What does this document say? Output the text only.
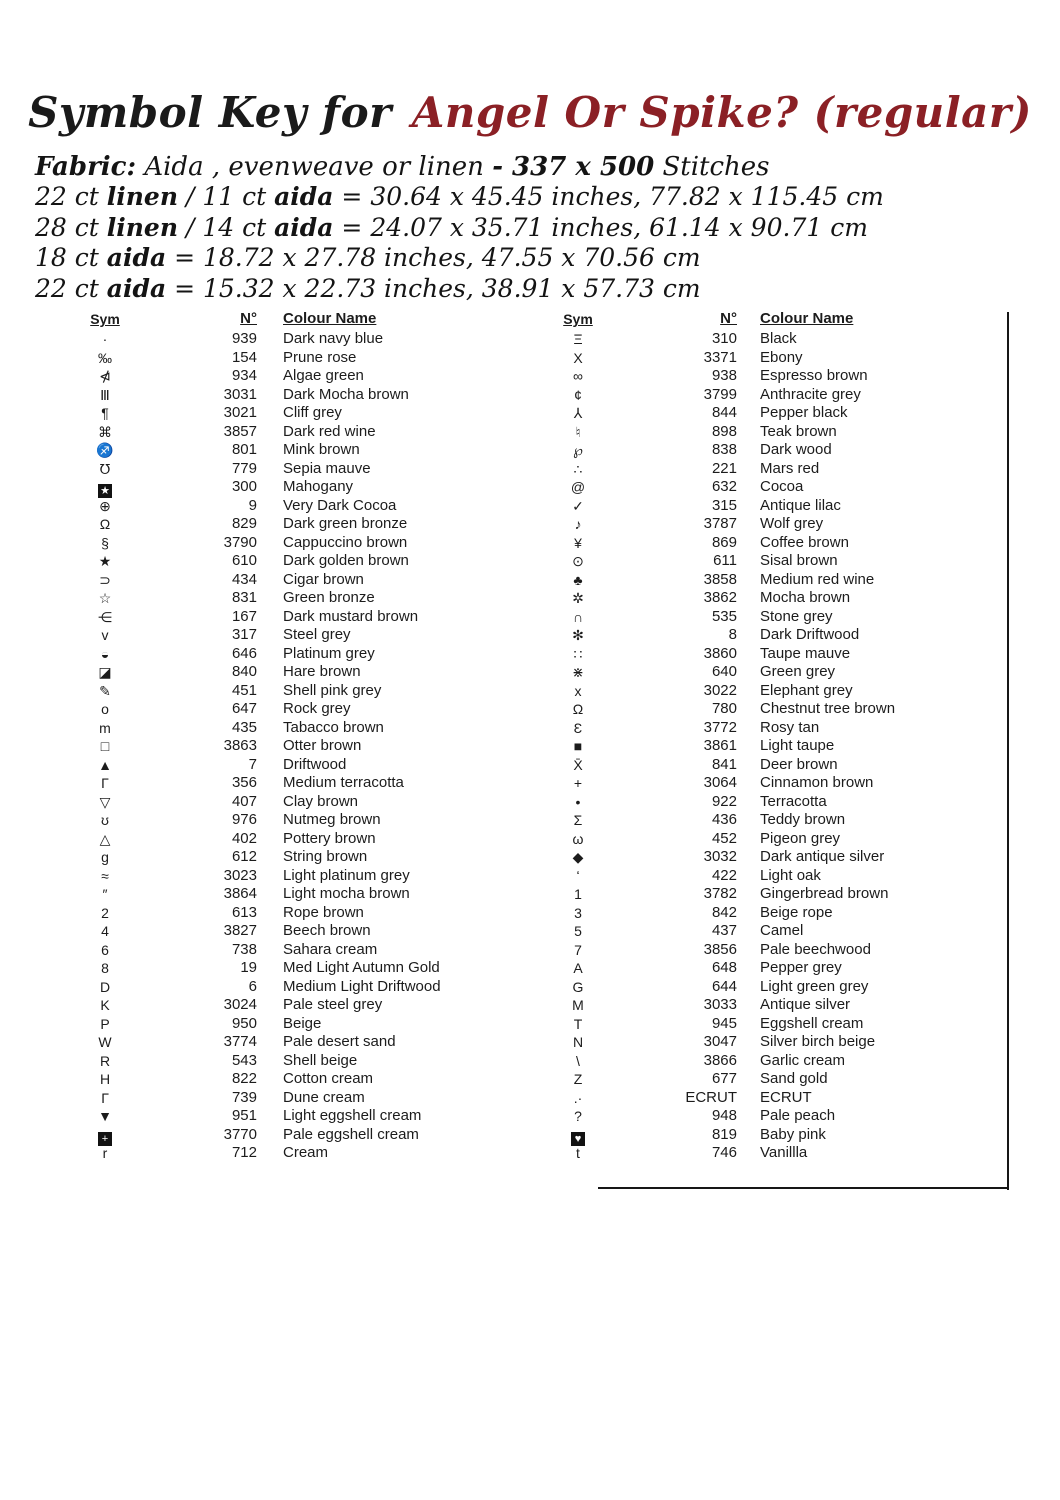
Symbol Key for Angel Or Spike? (regular)
Fabric: Aida , evenweave or linen - 337 x 500 Stitches
22 ct linen / 11 ct aida = 30.64 x 45.45 inches, 77.82 x 115.45 cm
28 ct linen / 14 ct aida = 24.07 x 35.71 inches, 61.14 x 90.71 cm
18 ct aida = 18.72 x 27.78 inches, 47.55 x 70.56 cm
22 ct aida = 15.32 x 22.73 inches, 38.91 x 57.73 cm
Sym	N°	Colour Name
·	939	Dark navy blue
‰	154	Prune rose
⋪	934	Algae green
Ⅲ	3031	Dark Mocha brown
¶	3021	Cliff grey
⌘	3857	Dark red wine
♐	801	Mink brown
℧	779	Sepia mauve
★	300	Mahogany
⊕	9	Very Dark Cocoa
Ω	829	Dark green bronze
§	3790	Cappuccino brown
★	610	Dark golden brown
⊃	434	Cigar brown
☆	831	Green bronze
⋲	167	Dark mustard brown
v	317	Steel grey
◒	646	Platinum grey
◪	840	Hare brown
✎	451	Shell pink grey
o	647	Rock grey
m	435	Tabacco brown
□	3863	Otter brown
▲	7	Driftwood
Γ	356	Medium terracotta
▽	407	Clay brown
ʊ	976	Nutmeg brown
△	402	Pottery brown
g	612	String brown
≈	3023	Light platinum grey
″	3864	Light mocha brown
2	613	Rope brown
4	3827	Beech brown
6	738	Sahara cream
8	19	Med Light Autumn Gold
D	6	Medium Light Driftwood
K	3024	Pale steel grey
P	950	Beige
W	3774	Pale desert sand
R	543	Shell beige
H	822	Cotton cream
Г	739	Dune cream
▼	951	Light eggshell cream
+	3770	Pale eggshell cream
r	712	Cream
Sym	N°	Colour Name
Ξ	310	Black
X	3371	Ebony
∞	938	Espresso brown
¢	3799	Anthracite grey
⅄	844	Pepper black
♮	898	Teak brown
℘	838	Dark wood
∴	221	Mars red
@	632	Cocoa
✓	315	Antique lilac
♪	3787	Wolf grey
¥	869	Coffee brown
⊙	611	Sisal brown
♣	3858	Medium red wine
✲	3862	Mocha brown
∩	535	Stone grey
✻	8	Dark Driftwood
∷	3860	Taupe mauve
⋇	640	Green grey
x	3022	Elephant grey
Ω	780	Chestnut tree brown
Ɛ	3772	Rosy tan
■	3861	Light taupe
X̄	841	Deer brown
+	3064	Cinnamon brown
•	922	Terracotta
Σ	436	Teddy brown
ω	452	Pigeon grey
◆	3032	Dark antique silver
ʻ	422	Light oak
1	3782	Gingerbread brown
3	842	Beige rope
5	437	Camel
7	3856	Pale beechwood
A	648	Pepper grey
G	644	Light green grey
M	3033	Antique silver
T	945	Eggshell cream
N	3047	Silver birch beige
\	3866	Garlic cream
Z	677	Sand gold
.·	ECRUT	ECRUT
?	948	Pale peach
♥	819	Baby pink
t	746	Vanillla
